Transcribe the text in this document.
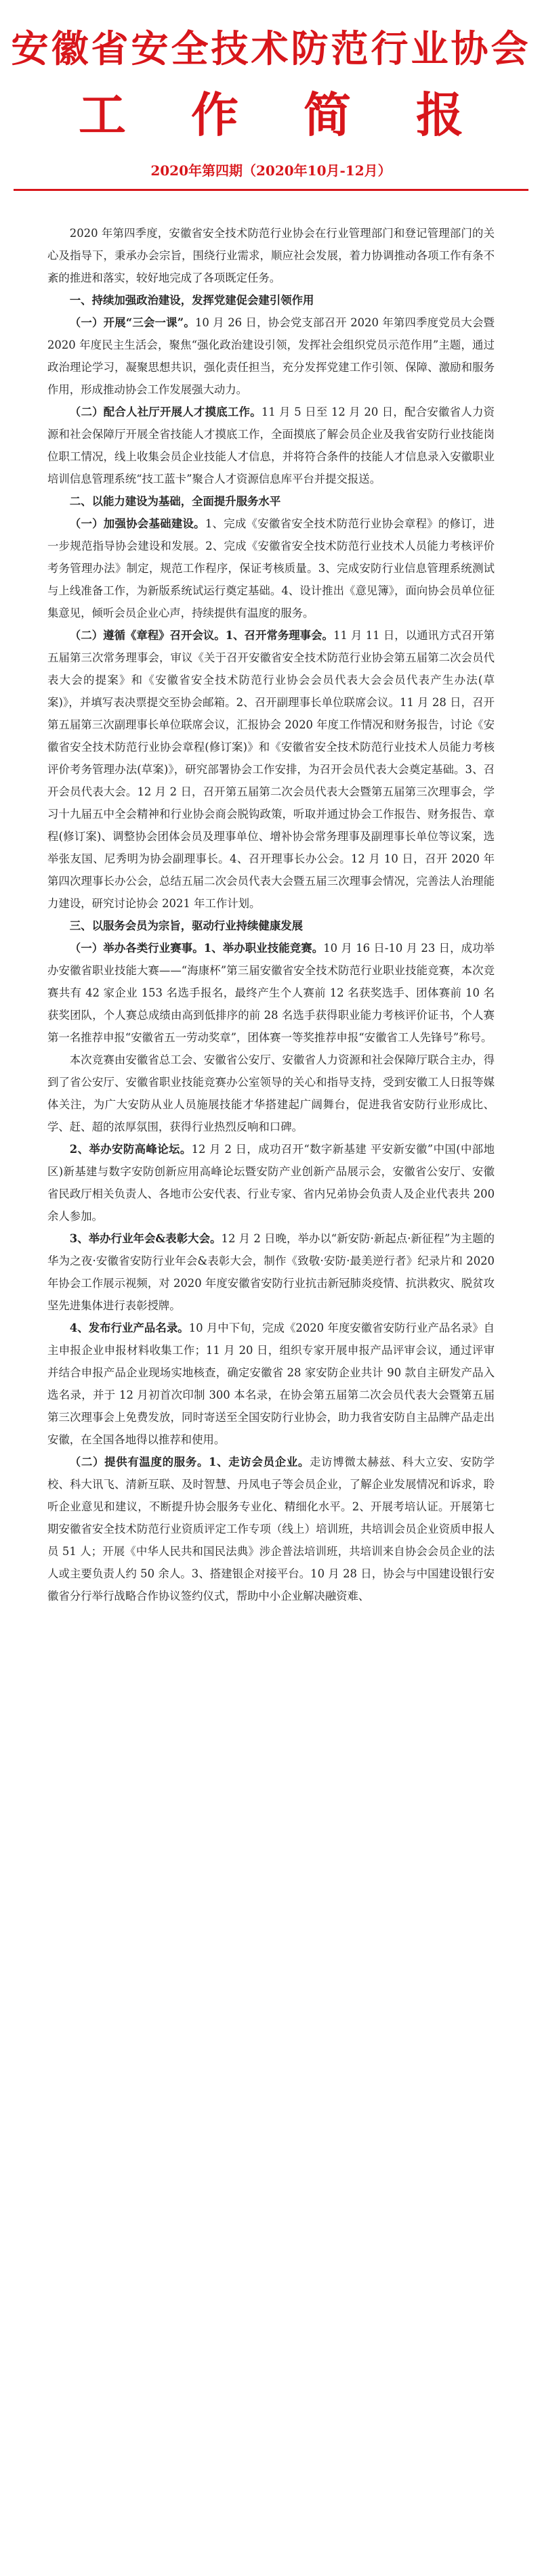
安徽省安全技术防范行业协会
工作简报
2020年第四期（2020年10月-12月）

2020 年第四季度，安徽省安全技术防范行业协会在行业管理部门和登记管理部门的关心及指导下，秉承办会宗旨，围绕行业需求，顺应社会发展，着力协调推动各项工作有条不紊的推进和落实，较好地完成了各项既定任务。

一、持续加强政治建设，发挥党建促会建引领作用

（一）开展“三会一课”。10 月 26 日，协会党支部召开 2020 年第四季度党员大会暨 2020 年度民主生活会，聚焦“强化政治建设引领，发挥社会组织党员示范作用”主题，通过政治理论学习，凝聚思想共识，强化责任担当，充分发挥党建工作引领、保障、激励和服务作用，形成推动协会工作发展强大动力。

（二）配合人社厅开展人才摸底工作。11 月 5 日至 12 月 20 日，配合安徽省人力资源和社会保障厅开展全省技能人才摸底工作，全面摸底了解会员企业及我省安防行业技能岗位职工情况，线上收集会员企业技能人才信息，并将符合条件的技能人才信息录入安徽职业培训信息管理系统“技工蓝卡”聚合人才资源信息库平台并提交报送。

二、以能力建设为基础，全面提升服务水平

（一）加强协会基础建设。1、完成《安徽省安全技术防范行业协会章程》的修订，进一步规范指导协会建设和发展。2、完成《安徽省安全技术防范行业技术人员能力考核评价考务管理办法》制定，规范工作程序，保证考核质量。3、完成安防行业信息管理系统测试与上线准备工作，为新版系统试运行奠定基础。4、设计推出《意见簿》，面向协会员单位征集意见，倾听会员企业心声，持续提供有温度的服务。

（二）遵循《章程》召开会议。1、召开常务理事会。11 月 11 日，以通讯方式召开第五届第三次常务理事会，审议《关于召开安徽省安全技术防范行业协会第五届第二次会员代表大会的提案》和《安徽省安全技术防范行业协会会员代表大会会员代表产生办法(草案)》，并填写表决票提交至协会邮箱。2、召开副理事长单位联席会议。11 月 28 日，召开第五届第三次副理事长单位联席会议，汇报协会 2020 年度工作情况和财务报告，讨论《安徽省安全技术防范行业协会章程(修订案)》和《安徽省安全技术防范行业技术人员能力考核评价考务管理办法(草案)》，研究部署协会工作安排，为召开会员代表大会奠定基础。3、召开会员代表大会。12 月 2 日，召开第五届第二次会员代表大会暨第五届第三次理事会，学习十九届五中全会精神和行业协会商会脱钩政策，听取并通过协会工作报告、财务报告、章程(修订案)、调整协会团体会员及理事单位、增补协会常务理事及副理事长单位等议案，选举张友国、尼秀明为协会副理事长。4、召开理事长办公会。12 月 10 日，召开 2020 年第四次理事长办公会，总结五届二次会员代表大会暨五届三次理事会情况，完善法人治理能力建设，研究讨论协会 2021 年工作计划。

三、以服务会员为宗旨，驱动行业持续健康发展

（一）举办各类行业赛事。1、举办职业技能竞赛。10 月 16 日-10 月 23 日，成功举办安徽省职业技能大赛——“海康杯”第三届安徽省安全技术防范行业职业技能竞赛，本次竞赛共有 42 家企业 153 名选手报名，最终产生个人赛前 12 名获奖选手、团体赛前 10 名获奖团队，个人赛总成绩由高到低排序的前 28 名选手获得职业能力考核评价证书，个人赛第一名推荐申报“安徽省五一劳动奖章”，团体赛一等奖推荐申报“安徽省工人先锋号”称号。

本次竞赛由安徽省总工会、安徽省公安厅、安徽省人力资源和社会保障厅联合主办，得到了省公安厅、安徽省职业技能竞赛办公室领导的关心和指导支持，受到安徽工人日报等媒体关注，为广大安防从业人员施展技能才华搭建起广阔舞台，促进我省安防行业形成比、学、赶、超的浓厚氛围，获得行业热烈反响和口碑。

2、举办安防高峰论坛。12 月 2 日，成功召开“数字新基建 平安新安徽”中国(中部地区)新基建与数字安防创新应用高峰论坛暨安防产业创新产品展示会，安徽省公安厅、安徽省民政厅相关负责人、各地市公安代表、行业专家、省内兄弟协会负责人及企业代表共 200 余人参加。

3、举办行业年会&表彰大会。12 月 2 日晚，举办以“新安防·新起点·新征程”为主题的华为之夜·安徽省安防行业年会&表彰大会，制作《致敬·安防·最美逆行者》纪录片和 2020 年协会工作展示视频，对 2020 年度安徽省安防行业抗击新冠肺炎疫情、抗洪救灾、脱贫攻坚先进集体进行表彰授牌。

4、发布行业产品名录。10 月中下旬，完成《2020 年度安徽省安防行业产品名录》自主申报企业申报材料收集工作；11 月 20 日，组织专家开展申报产品评审会议，通过评审并结合申报产品企业现场实地核查，确定安徽省 28 家安防企业共计 90 款自主研发产品入选名录，并于 12 月初首次印制 300 本名录，在协会第五届第二次会员代表大会暨第五届第三次理事会上免费发放，同时寄送至全国安防行业协会，助力我省安防自主品牌产品走出安徽，在全国各地得以推荐和使用。

（二）提供有温度的服务。1、走访会员企业。走访博微太赫兹、科大立安、安防学校、科大讯飞、清新互联、及时智慧、丹凤电子等会员企业，了解企业发展情况和诉求，聆听企业意见和建议，不断提升协会服务专业化、精细化水平。2、开展考培认证。开展第七期安徽省安全技术防范行业资质评定工作专项（线上）培训班，共培训会员企业资质申报人员 51 人；开展《中华人民共和国民法典》涉企普法培训班，共培训来自协会会员企业的法人或主要负责人约 50 余人。3、搭建银企对接平台。10 月 28 日，协会与中国建设银行安徽省分行举行战略合作协议签约仪式，帮助中小企业解决融资难、
